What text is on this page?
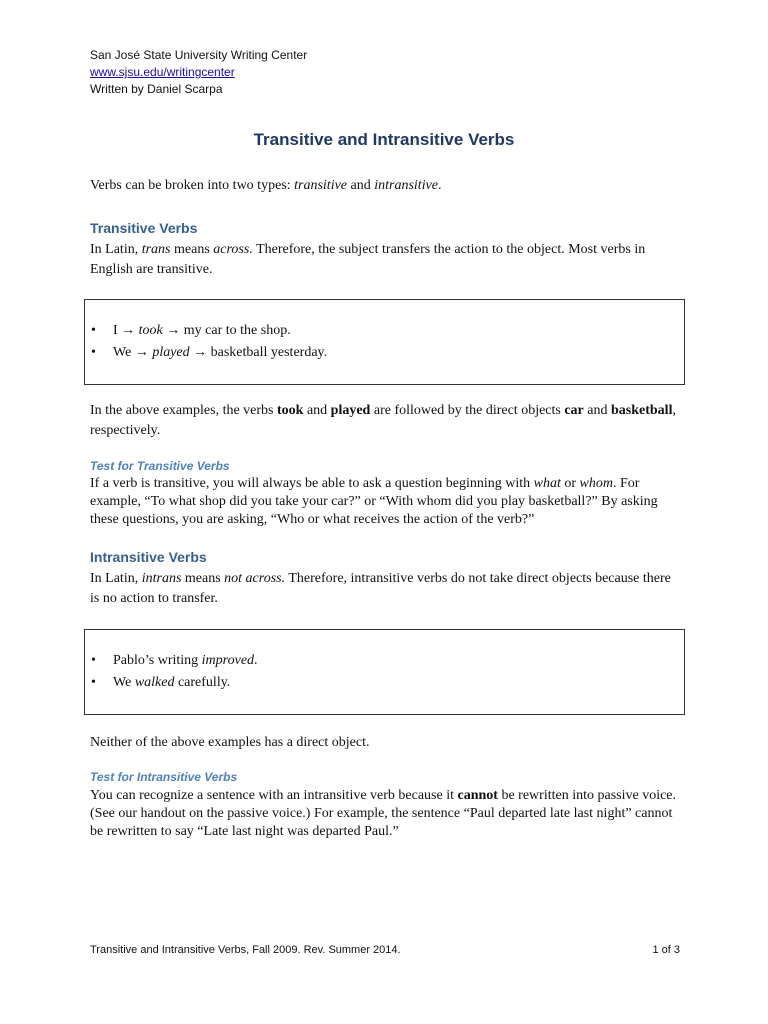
San José State University Writing Center
www.sjsu.edu/writingcenter
Written by Daniel Scarpa
Transitive and Intransitive Verbs
Verbs can be broken into two types: transitive and intransitive.
Transitive Verbs
In Latin, trans means across. Therefore, the subject transfers the action to the object. Most verbs in English are transitive.
• I → took → my car to the shop.
• We → played → basketball yesterday.
In the above examples, the verbs took and played are followed by the direct objects car and basketball, respectively.
Test for Transitive Verbs
If a verb is transitive, you will always be able to ask a question beginning with what or whom. For example, “To what shop did you take your car?” or “With whom did you play basketball?” By asking these questions, you are asking, “Who or what receives the action of the verb?”
Intransitive Verbs
In Latin, intrans means not across. Therefore, intransitive verbs do not take direct objects because there is no action to transfer.
• Pablo’s writing improved.
• We walked carefully.
Neither of the above examples has a direct object.
Test for Intransitive Verbs
You can recognize a sentence with an intransitive verb because it cannot be rewritten into passive voice. (See our handout on the passive voice.) For example, the sentence “Paul departed late last night” cannot be rewritten to say “Late last night was departed Paul.”
Transitive and Intransitive Verbs, Fall 2009. Rev. Summer 2014.	1 of 3
